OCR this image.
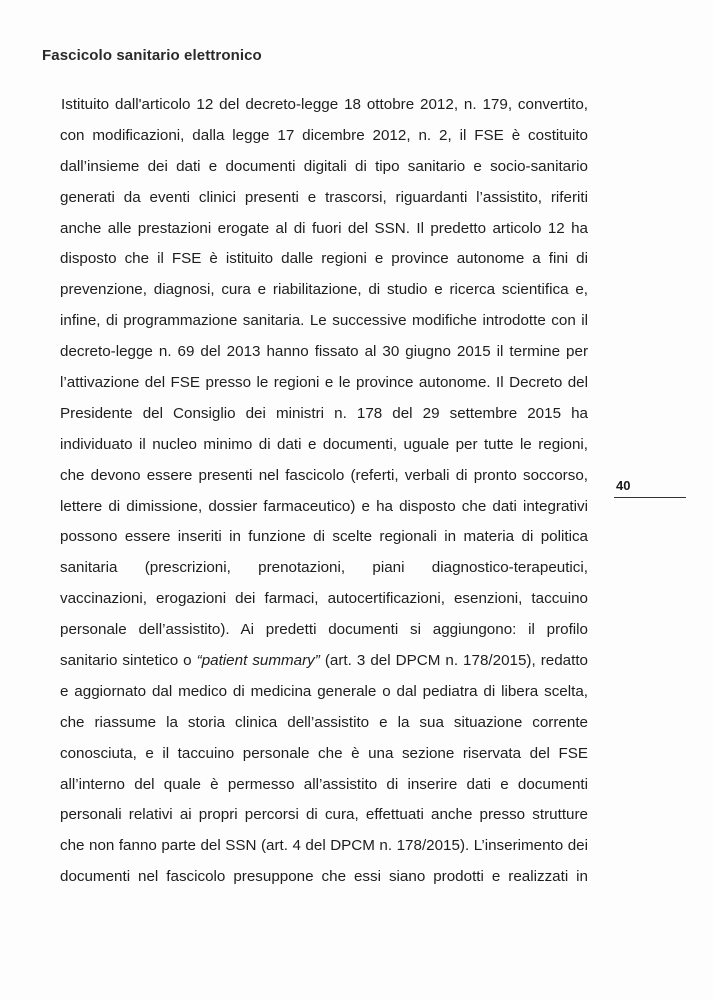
Fascicolo sanitario elettronico
Istituito dall'articolo 12 del decreto-legge 18 ottobre 2012, n. 179, convertito,
con modificazioni, dalla legge 17 dicembre 2012, n. 2, il FSE è costituito
dall’insieme dei dati e documenti digitali di tipo sanitario e socio-sanitario
generati da eventi clinici presenti e trascorsi, riguardanti l’assistito, riferiti
anche alle prestazioni erogate al di fuori del SSN. Il predetto articolo 12 ha
disposto che il FSE è istituito dalle regioni e province autonome a fini di
prevenzione, diagnosi, cura e riabilitazione, di studio e ricerca scientifica e,
infine, di programmazione sanitaria. Le successive modifiche introdotte con il
decreto-legge n. 69 del 2013 hanno fissato al 30 giugno 2015 il termine per
l’attivazione del FSE presso le regioni e le province autonome. Il Decreto del
Presidente del Consiglio dei ministri n. 178 del 29 settembre 2015 ha
individuato il nucleo minimo di dati e documenti, uguale per tutte le regioni,
che devono essere presenti nel fascicolo (referti, verbali di pronto soccorso,
lettere di dimissione, dossier farmaceutico) e ha disposto che dati integrativi
possono essere inseriti in funzione di scelte regionali in materia di politica
sanitaria (prescrizioni, prenotazioni, piani diagnostico-terapeutici,
vaccinazioni, erogazioni dei farmaci, autocertificazioni, esenzioni, taccuino
personale dell’assistito). Ai predetti documenti si aggiungono: il profilo
sanitario sintetico o “patient summary” (art. 3 del DPCM n. 178/2015), redatto
e aggiornato dal medico di medicina generale o dal pediatra di libera scelta,
che riassume la storia clinica dell’assistito e la sua situazione corrente
conosciuta, e il taccuino personale che è una sezione riservata del FSE
all’interno del quale è permesso all’assistito di inserire dati e documenti
personali relativi ai propri percorsi di cura, effettuati anche presso strutture
che non fanno parte del SSN (art. 4 del DPCM n. 178/2015). L’inserimento dei
documenti nel fascicolo presuppone che essi siano prodotti e realizzati in
40
